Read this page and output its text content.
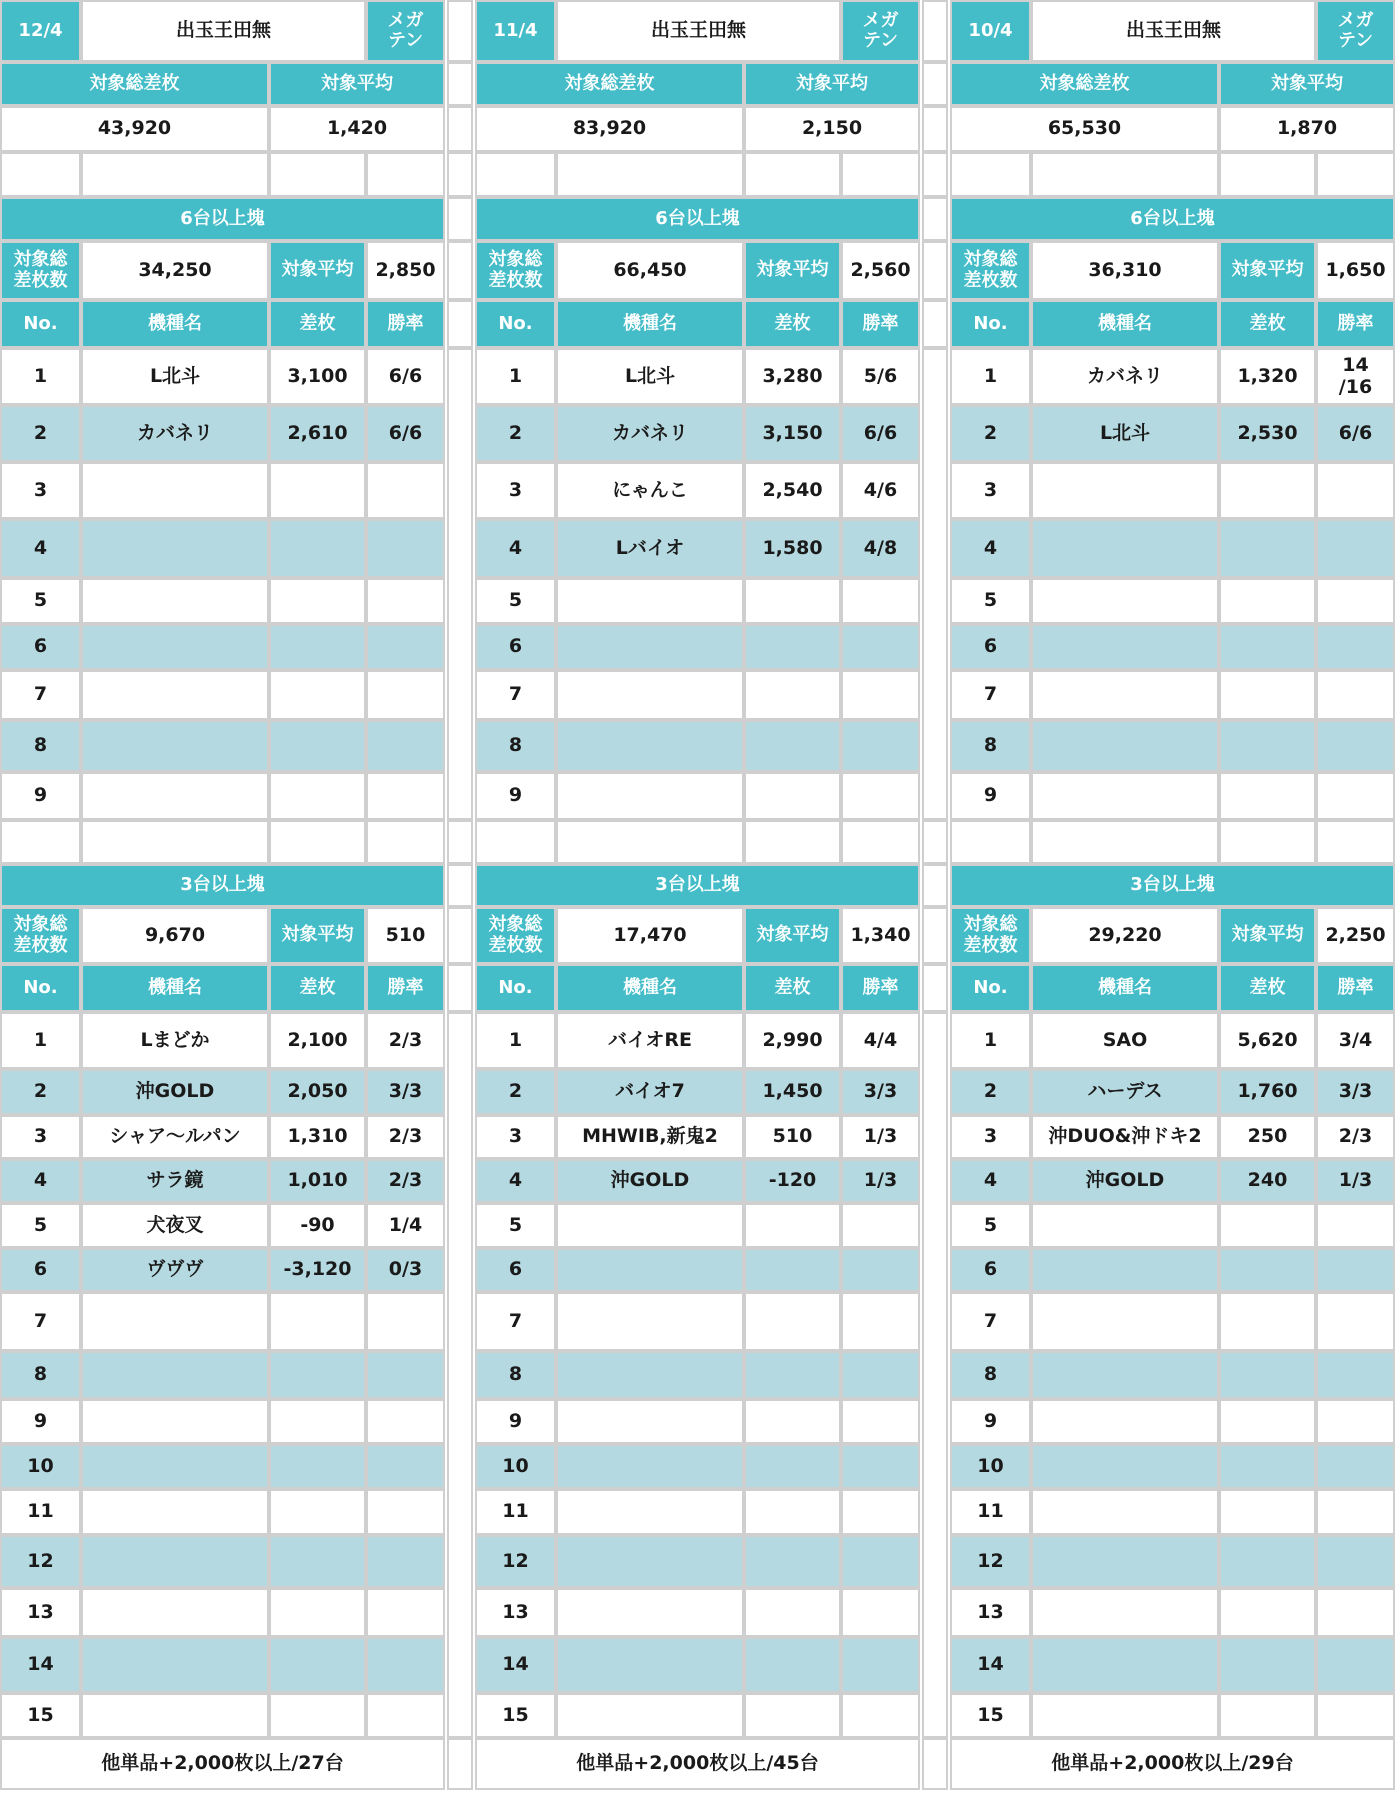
12/4	出玉王田無	メガ
テン
対象総差枚	対象平均
43,920	1,420
6台以上塊
対象総
差枚数	34,250	対象平均	2,850
No.	機種名	差枚	勝率
1	L北斗	3,100	6/6
2	カバネリ	2,610	6/6
3
4
5
6
7
8
9
3台以上塊
対象総
差枚数	9,670	対象平均	510
No.	機種名	差枚	勝率
1	Lまどか	2,100	2/3
2	沖GOLD	2,050	3/3
3	シャア〜ルパン	1,310	2/3
4	サラ鏡	1,010	2/3
5	犬夜叉	-90	1/4
6	ヴヴヴ	-3,120	0/3
7
8
9
10
11
12
13
14
15
他単品+2,000枚以上/27台
11/4	出玉王田無	メガ
テン
対象総差枚	対象平均
83,920	2,150
6台以上塊
対象総
差枚数	66,450	対象平均	2,560
No.	機種名	差枚	勝率
1	L北斗	3,280	5/6
2	カバネリ	3,150	6/6
3	にゃんこ	2,540	4/6
4	Lバイオ	1,580	4/8
5
6
7
8
9
3台以上塊
対象総
差枚数	17,470	対象平均	1,340
No.	機種名	差枚	勝率
1	バイオRE	2,990	4/4
2	バイオ7	1,450	3/3
3	MHWIB,新鬼2	510	1/3
4	沖GOLD	-120	1/3
5
6
7
8
9
10
11
12
13
14
15
他単品+2,000枚以上/45台
10/4	出玉王田無	メガ
テン
対象総差枚	対象平均
65,530	1,870
6台以上塊
対象総
差枚数	36,310	対象平均	1,650
No.	機種名	差枚	勝率
1	カバネリ	1,320	14
/16
2	L北斗	2,530	6/6
3
4
5
6
7
8
9
3台以上塊
対象総
差枚数	29,220	対象平均	2,250
No.	機種名	差枚	勝率
1	SAO	5,620	3/4
2	ハーデス	1,760	3/3
3	沖DUO&沖ドキ2	250	2/3
4	沖GOLD	240	1/3
5
6
7
8
9
10
11
12
13
14
15
他単品+2,000枚以上/29台
